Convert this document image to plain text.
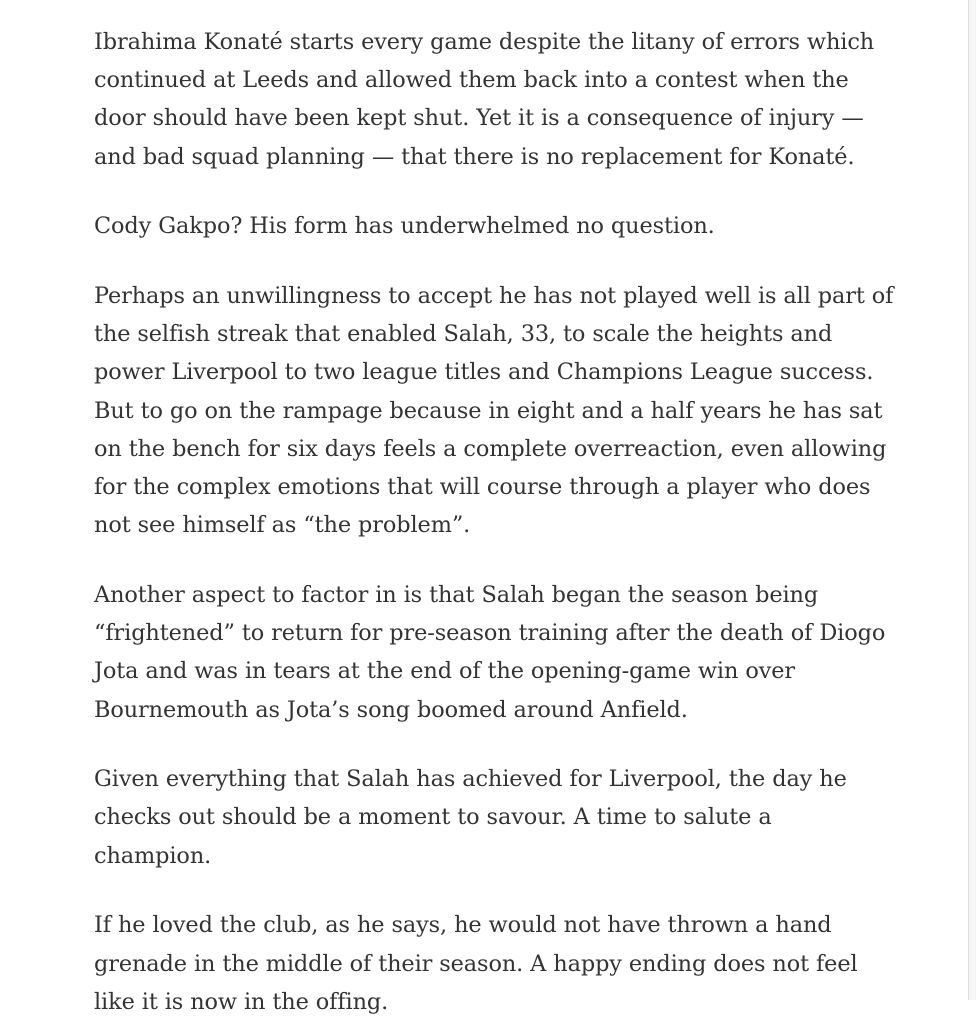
Ibrahima Konaté starts every game despite the litany of errors which continued at Leeds and allowed them back into a contest when the door should have been kept shut. Yet it is a consequence of injury — and bad squad planning — that there is no replacement for Konaté.

Cody Gakpo? His form has underwhelmed no question.

Perhaps an unwillingness to accept he has not played well is all part of the selfish streak that enabled Salah, 33, to scale the heights and power Liverpool to two league titles and Champions League success. But to go on the rampage because in eight and a half years he has sat on the bench for six days feels a complete overreaction, even allowing for the complex emotions that will course through a player who does not see himself as “the problem”.

Another aspect to factor in is that Salah began the season being “frightened” to return for pre-season training after the death of Diogo Jota and was in tears at the end of the opening-game win over Bournemouth as Jota’s song boomed around Anfield.

Given everything that Salah has achieved for Liverpool, the day he checks out should be a moment to savour. A time to salute a champion.

If he loved the club, as he says, he would not have thrown a hand grenade in the middle of their season. A happy ending does not feel like it is now in the offing.
